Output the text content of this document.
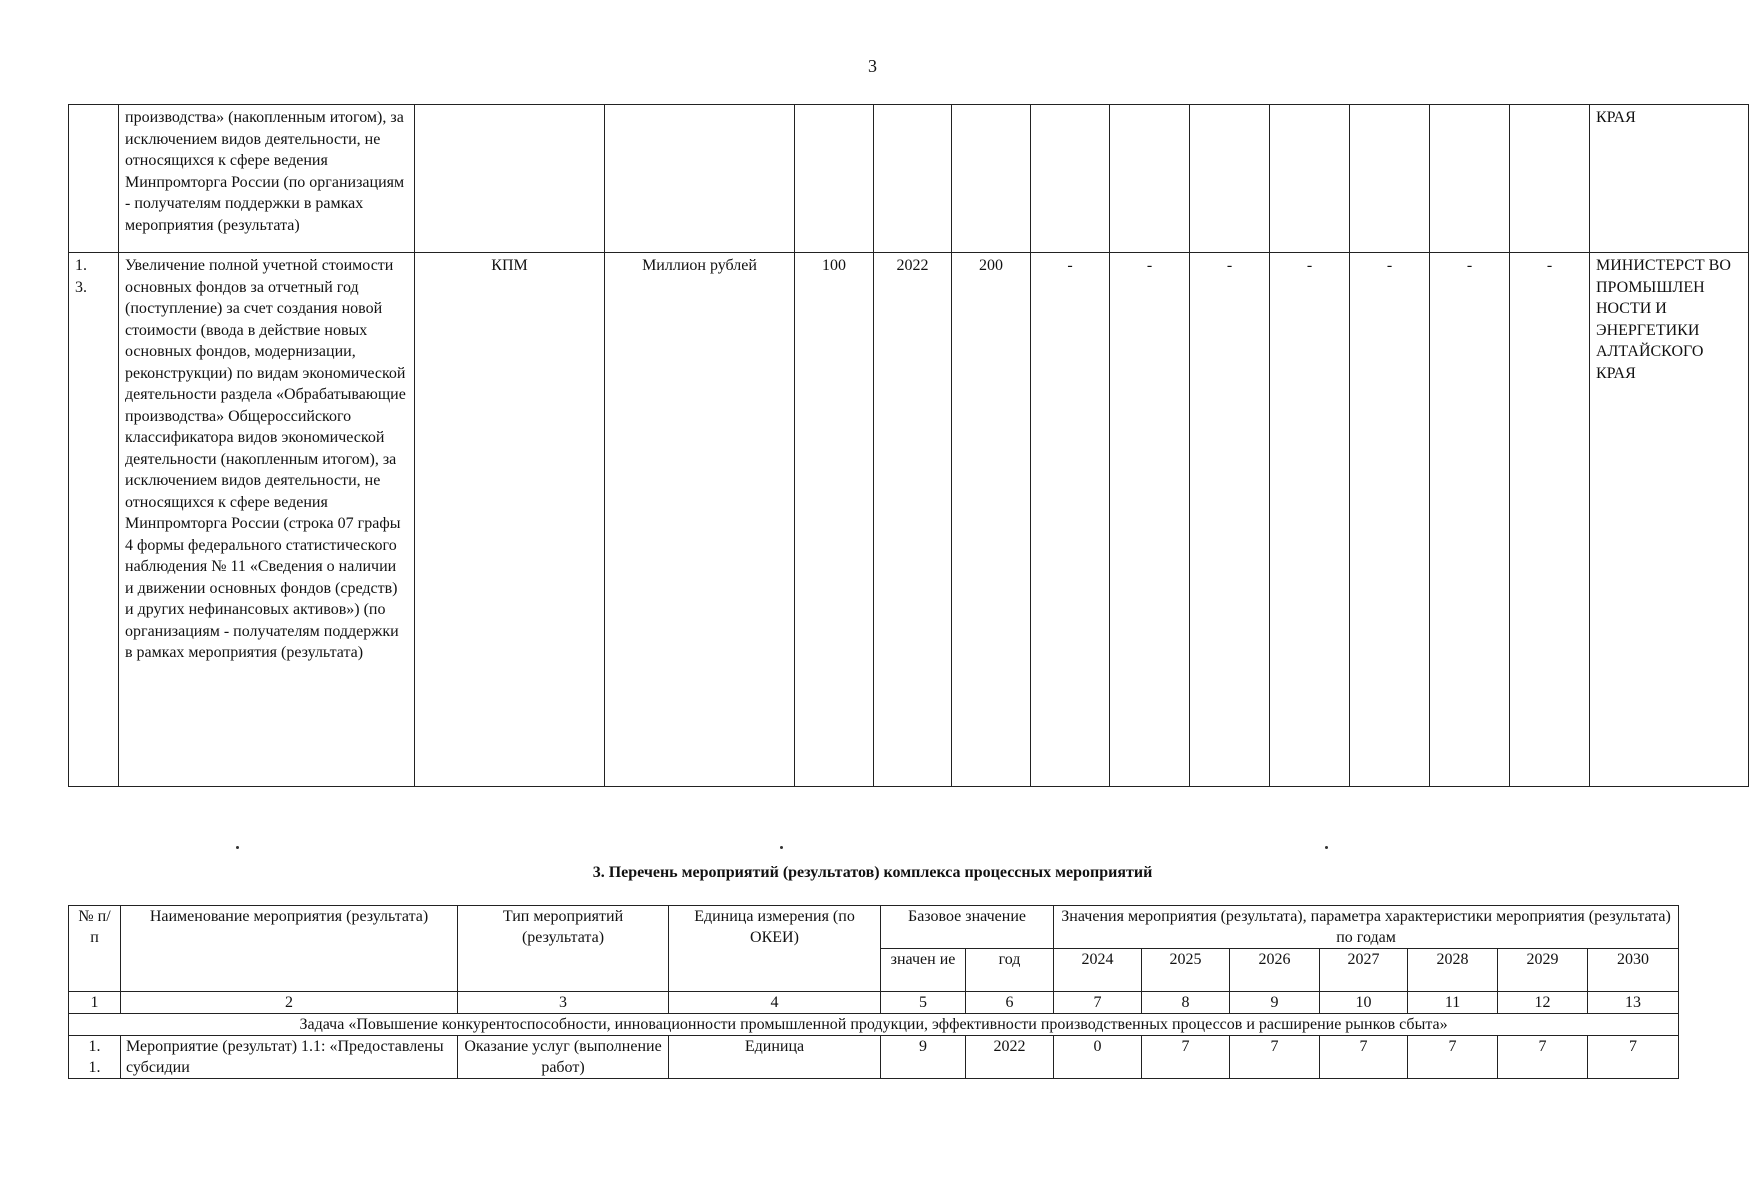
3
	производства» (накопленным итогом), за исключением видов деятельности, не относящихся к сфере ведения Минпромторга России (по организациям - получателям поддержки в рамках мероприятия (результата)													КРАЯ
1.
3.	Увеличение полной учетной стоимости основных фондов за отчетный год (поступление) за счет создания новой стоимости (ввода в действие новых основных фондов, модернизации, реконструкции) по видам экономической деятельности раздела «Обрабатывающие производства» Общероссийского классификатора видов экономической деятельности (накопленным итогом), за исключением видов деятельности, не относящихся к сфере ведения Минпромторга России (строка 07 графы 4 формы федерального статистического наблюдения № 11 «Сведения о наличии и движении основных фондов (средств) и других нефинансовых активов») (по организациям - получателям поддержки в рамках мероприятия (результата)	КПМ	Миллион рублей	100	2022	200	-	-	-	-	-	-	-	МИНИСТЕРСТ ВО ПРОМЫШЛЕН НОСТИ И ЭНЕРГЕТИКИ АЛТАЙСКОГО КРАЯ
3. Перечень мероприятий (результатов) комплекса процессных мероприятий
№ п/ п	Наименование мероприятия (результата)	Тип мероприятий (результата)	Единица измерения (по ОКЕИ)	Базовое значение		Значения мероприятия (результата), параметра характеристики мероприятия (результата) по годам						
				значен ие	год	2024	2025	2026	2027	2028	2029	2030
1	2	3	4	5	6	7	8	9	10	11	12	13
Задача «Повышение конкурентоспособности, инновационности промышленной продукции, эффективности производственных процессов и расширение рынков сбыта»												
1.
1.	Мероприятие (результат) 1.1: «Предоставлены субсидии	Оказание услуг (выполнение работ)	Единица	9	2022	0	7	7	7	7	7	7
